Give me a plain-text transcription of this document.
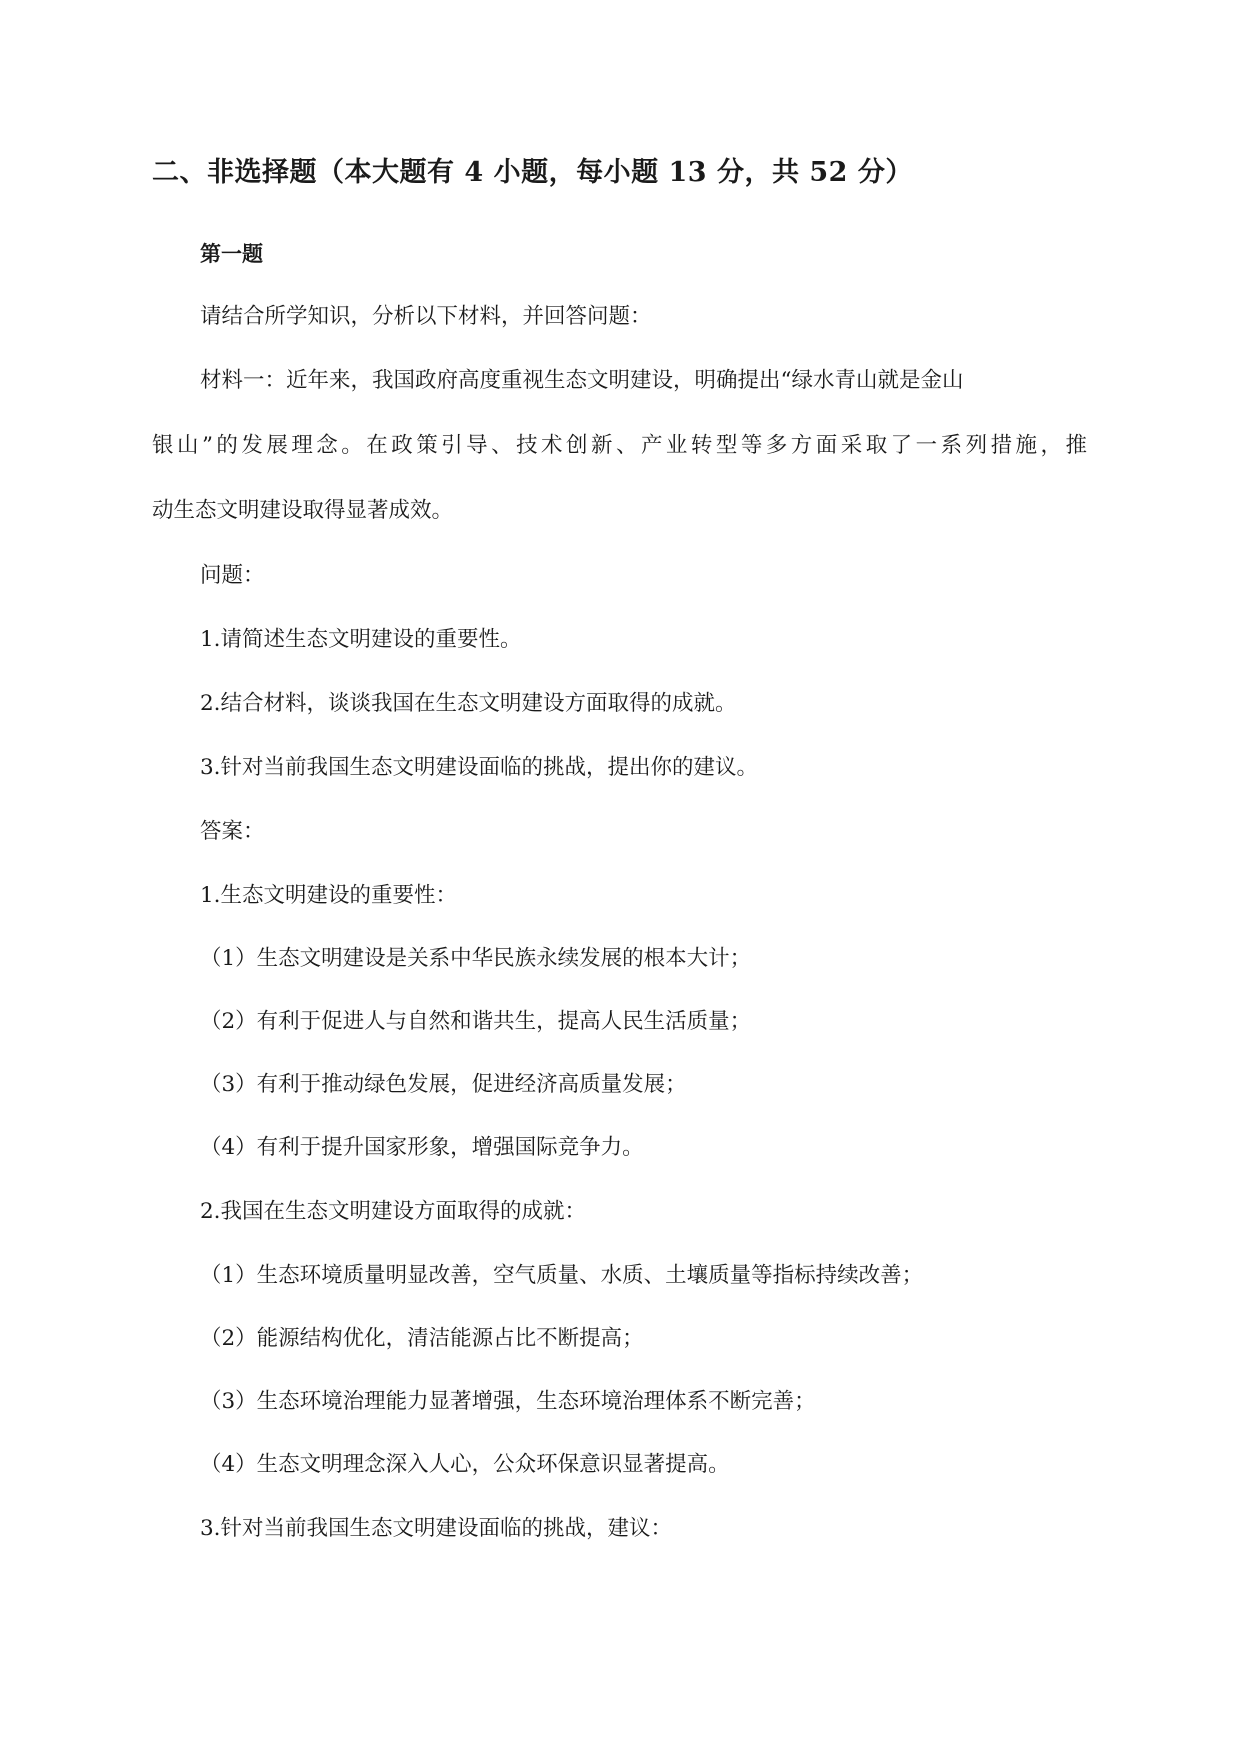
二、非选择题（本大题有 4 小题，每小题 13 分，共 52 分）
第一题
请结合所学知识，分析以下材料，并回答问题：
材料一：近年来，我国政府高度重视生态文明建设，明确提出“绿水青山就是金山
银山”的发展理念。在政策引导、技术创新、产业转型等多方面采取了一系列措施，推
动生态文明建设取得显著成效。
问题：
1.请简述生态文明建设的重要性。
2.结合材料，谈谈我国在生态文明建设方面取得的成就。
3.针对当前我国生态文明建设面临的挑战，提出你的建议。
答案：
1.生态文明建设的重要性：
（1）生态文明建设是关系中华民族永续发展的根本大计；
（2）有利于促进人与自然和谐共生，提高人民生活质量；
（3）有利于推动绿色发展，促进经济高质量发展；
（4）有利于提升国家形象，增强国际竞争力。
2.我国在生态文明建设方面取得的成就：
（1）生态环境质量明显改善，空气质量、水质、土壤质量等指标持续改善；
（2）能源结构优化，清洁能源占比不断提高；
（3）生态环境治理能力显著增强，生态环境治理体系不断完善；
（4）生态文明理念深入人心，公众环保意识显著提高。
3.针对当前我国生态文明建设面临的挑战，建议：
